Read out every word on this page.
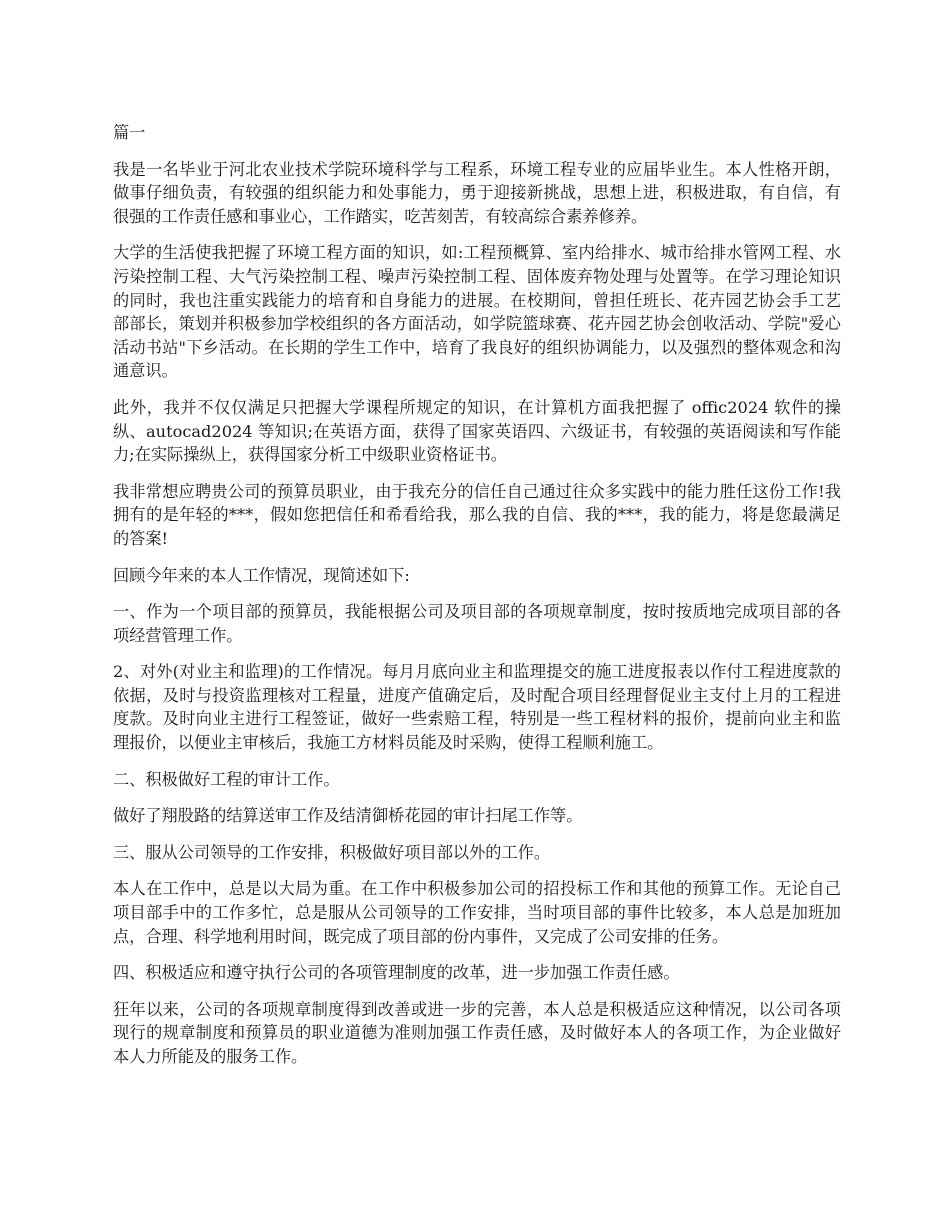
篇一

我是一名毕业于河北农业技术学院环境科学与工程系，环境工程专业的应届毕业生。本人性格开朗，做事仔细负责，有较强的组织能力和处事能力，勇于迎接新挑战，思想上进，积极进取，有自信，有很强的工作责任感和事业心，工作踏实，吃苦刻苦，有较高综合素养修养。

大学的生活使我把握了环境工程方面的知识，如:工程预概算、室内给排水、城市给排水管网工程、水污染控制工程、大气污染控制工程、噪声污染控制工程、固体废弃物处理与处置等。在学习理论知识的同时，我也注重实践能力的培育和自身能力的进展。在校期间，曾担任班长、花卉园艺协会手工艺部部长，策划并积极参加学校组织的各方面活动，如学院篮球赛、花卉园艺协会创收活动、学院"爱心活动书站"下乡活动。在长期的学生工作中，培育了我良好的组织协调能力，以及强烈的整体观念和沟通意识。

此外，我并不仅仅满足只把握大学课程所规定的知识，在计算机方面我把握了 offic2024 软件的操纵、autocad2024 等知识;在英语方面，获得了国家英语四、六级证书，有较强的英语阅读和写作能力;在实际操纵上，获得国家分析工中级职业资格证书。

我非常想应聘贵公司的预算员职业，由于我充分的信任自己通过往众多实践中的能力胜任这份工作!我拥有的是年轻的***，假如您把信任和希看给我，那么我的自信、我的***，我的能力，将是您最满足的答案!

回顾今年来的本人工作情况，现简述如下:

一、作为一个项目部的预算员，我能根据公司及项目部的各项规章制度，按时按质地完成项目部的各项经营管理工作。

2、对外(对业主和监理)的工作情况。每月月底向业主和监理提交的施工进度报表以作付工程进度款的依据，及时与投资监理核对工程量，进度产值确定后，及时配合项目经理督促业主支付上月的工程进度款。及时向业主进行工程签证，做好一些索赔工程，特别是一些工程材料的报价，提前向业主和监理报价，以便业主审核后，我施工方材料员能及时采购，使得工程顺利施工。

二、积极做好工程的审计工作。

做好了翔股路的结算送审工作及结清御桥花园的审计扫尾工作等。

三、服从公司领导的工作安排，积极做好项目部以外的工作。

本人在工作中，总是以大局为重。在工作中积极参加公司的招投标工作和其他的预算工作。无论自己项目部手中的工作多忙，总是服从公司领导的工作安排，当时项目部的事件比较多，本人总是加班加点，合理、科学地利用时间，既完成了项目部的份内事件，又完成了公司安排的任务。

四、积极适应和遵守执行公司的各项管理制度的改革，进一步加强工作责任感。

狂年以来，公司的各项规章制度得到改善或进一步的完善，本人总是积极适应这种情况，以公司各项现行的规章制度和预算员的职业道德为准则加强工作责任感，及时做好本人的各项工作，为企业做好本人力所能及的服务工作。
